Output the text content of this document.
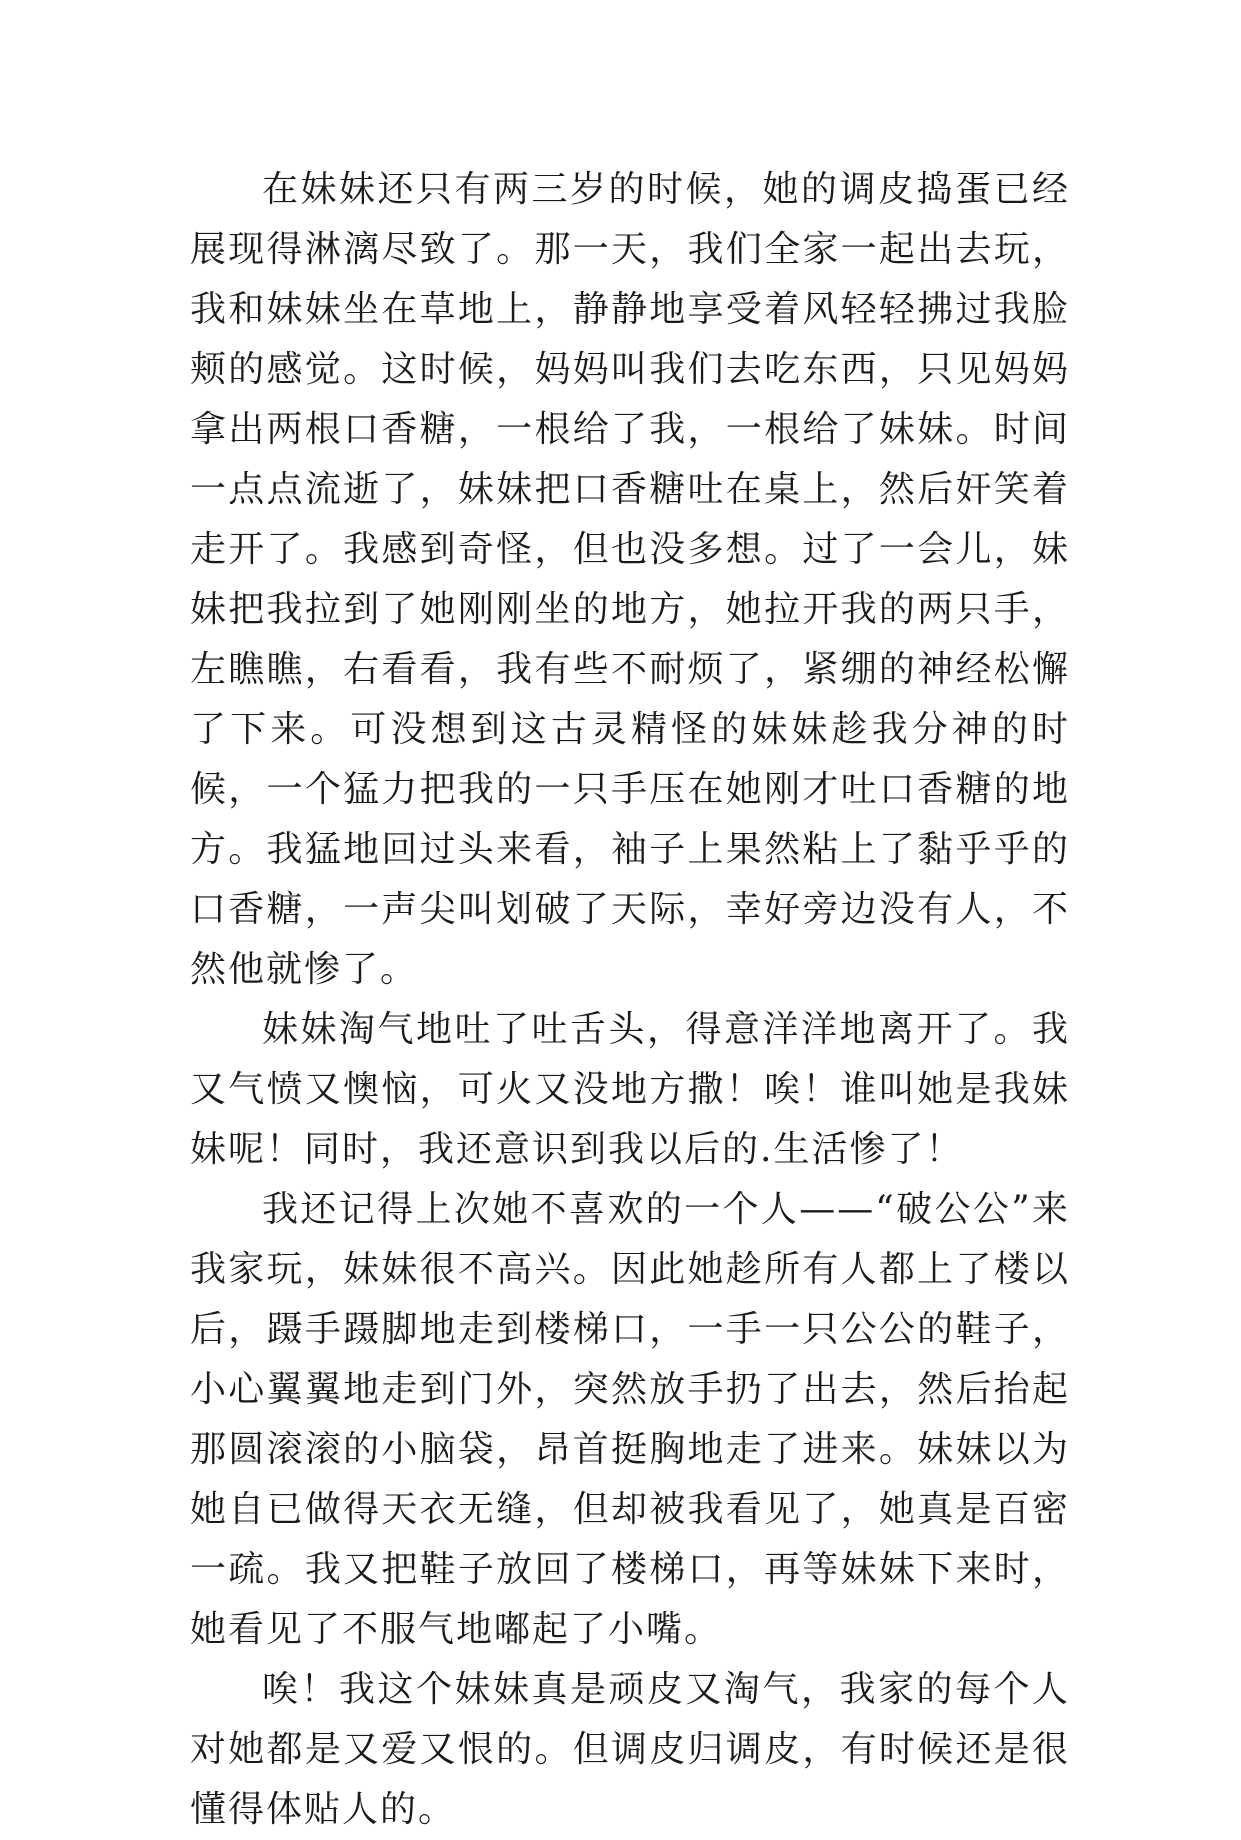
在妹妹还只有两三岁的时候，她的调皮捣蛋已经展现得淋漓尽致了。那一天，我们全家一起出去玩，我和妹妹坐在草地上，静静地享受着风轻轻拂过我脸颊的感觉。这时候，妈妈叫我们去吃东西，只见妈妈拿出两根口香糖，一根给了我，一根给了妹妹。时间一点点流逝了，妹妹把口香糖吐在桌上，然后奸笑着走开了。我感到奇怪，但也没多想。过了一会儿，妹妹把我拉到了她刚刚坐的地方，她拉开我的两只手，左瞧瞧，右看看，我有些不耐烦了，紧绷的神经松懈了下来。可没想到这古灵精怪的妹妹趁我分神的时候，一个猛力把我的一只手压在她刚才吐口香糖的地方。我猛地回过头来看，袖子上果然粘上了黏乎乎的口香糖，一声尖叫划破了天际，幸好旁边没有人，不然他就惨了。

妹妹淘气地吐了吐舌头，得意洋洋地离开了。我又气愤又懊恼，可火又没地方撒！唉！谁叫她是我妹妹呢！同时，我还意识到我以后的.生活惨了！

我还记得上次她不喜欢的一个人——“破公公”来我家玩，妹妹很不高兴。因此她趁所有人都上了楼以后，蹑手蹑脚地走到楼梯口，一手一只公公的鞋子，小心翼翼地走到门外，突然放手扔了出去，然后抬起那圆滚滚的小脑袋，昂首挺胸地走了进来。妹妹以为她自已做得天衣无缝，但却被我看见了，她真是百密一疏。我又把鞋子放回了楼梯口，再等妹妹下来时，她看见了不服气地嘟起了小嘴。

唉！我这个妹妹真是顽皮又淘气，我家的每个人对她都是又爱又恨的。但调皮归调皮，有时候还是很懂得体贴人的。
